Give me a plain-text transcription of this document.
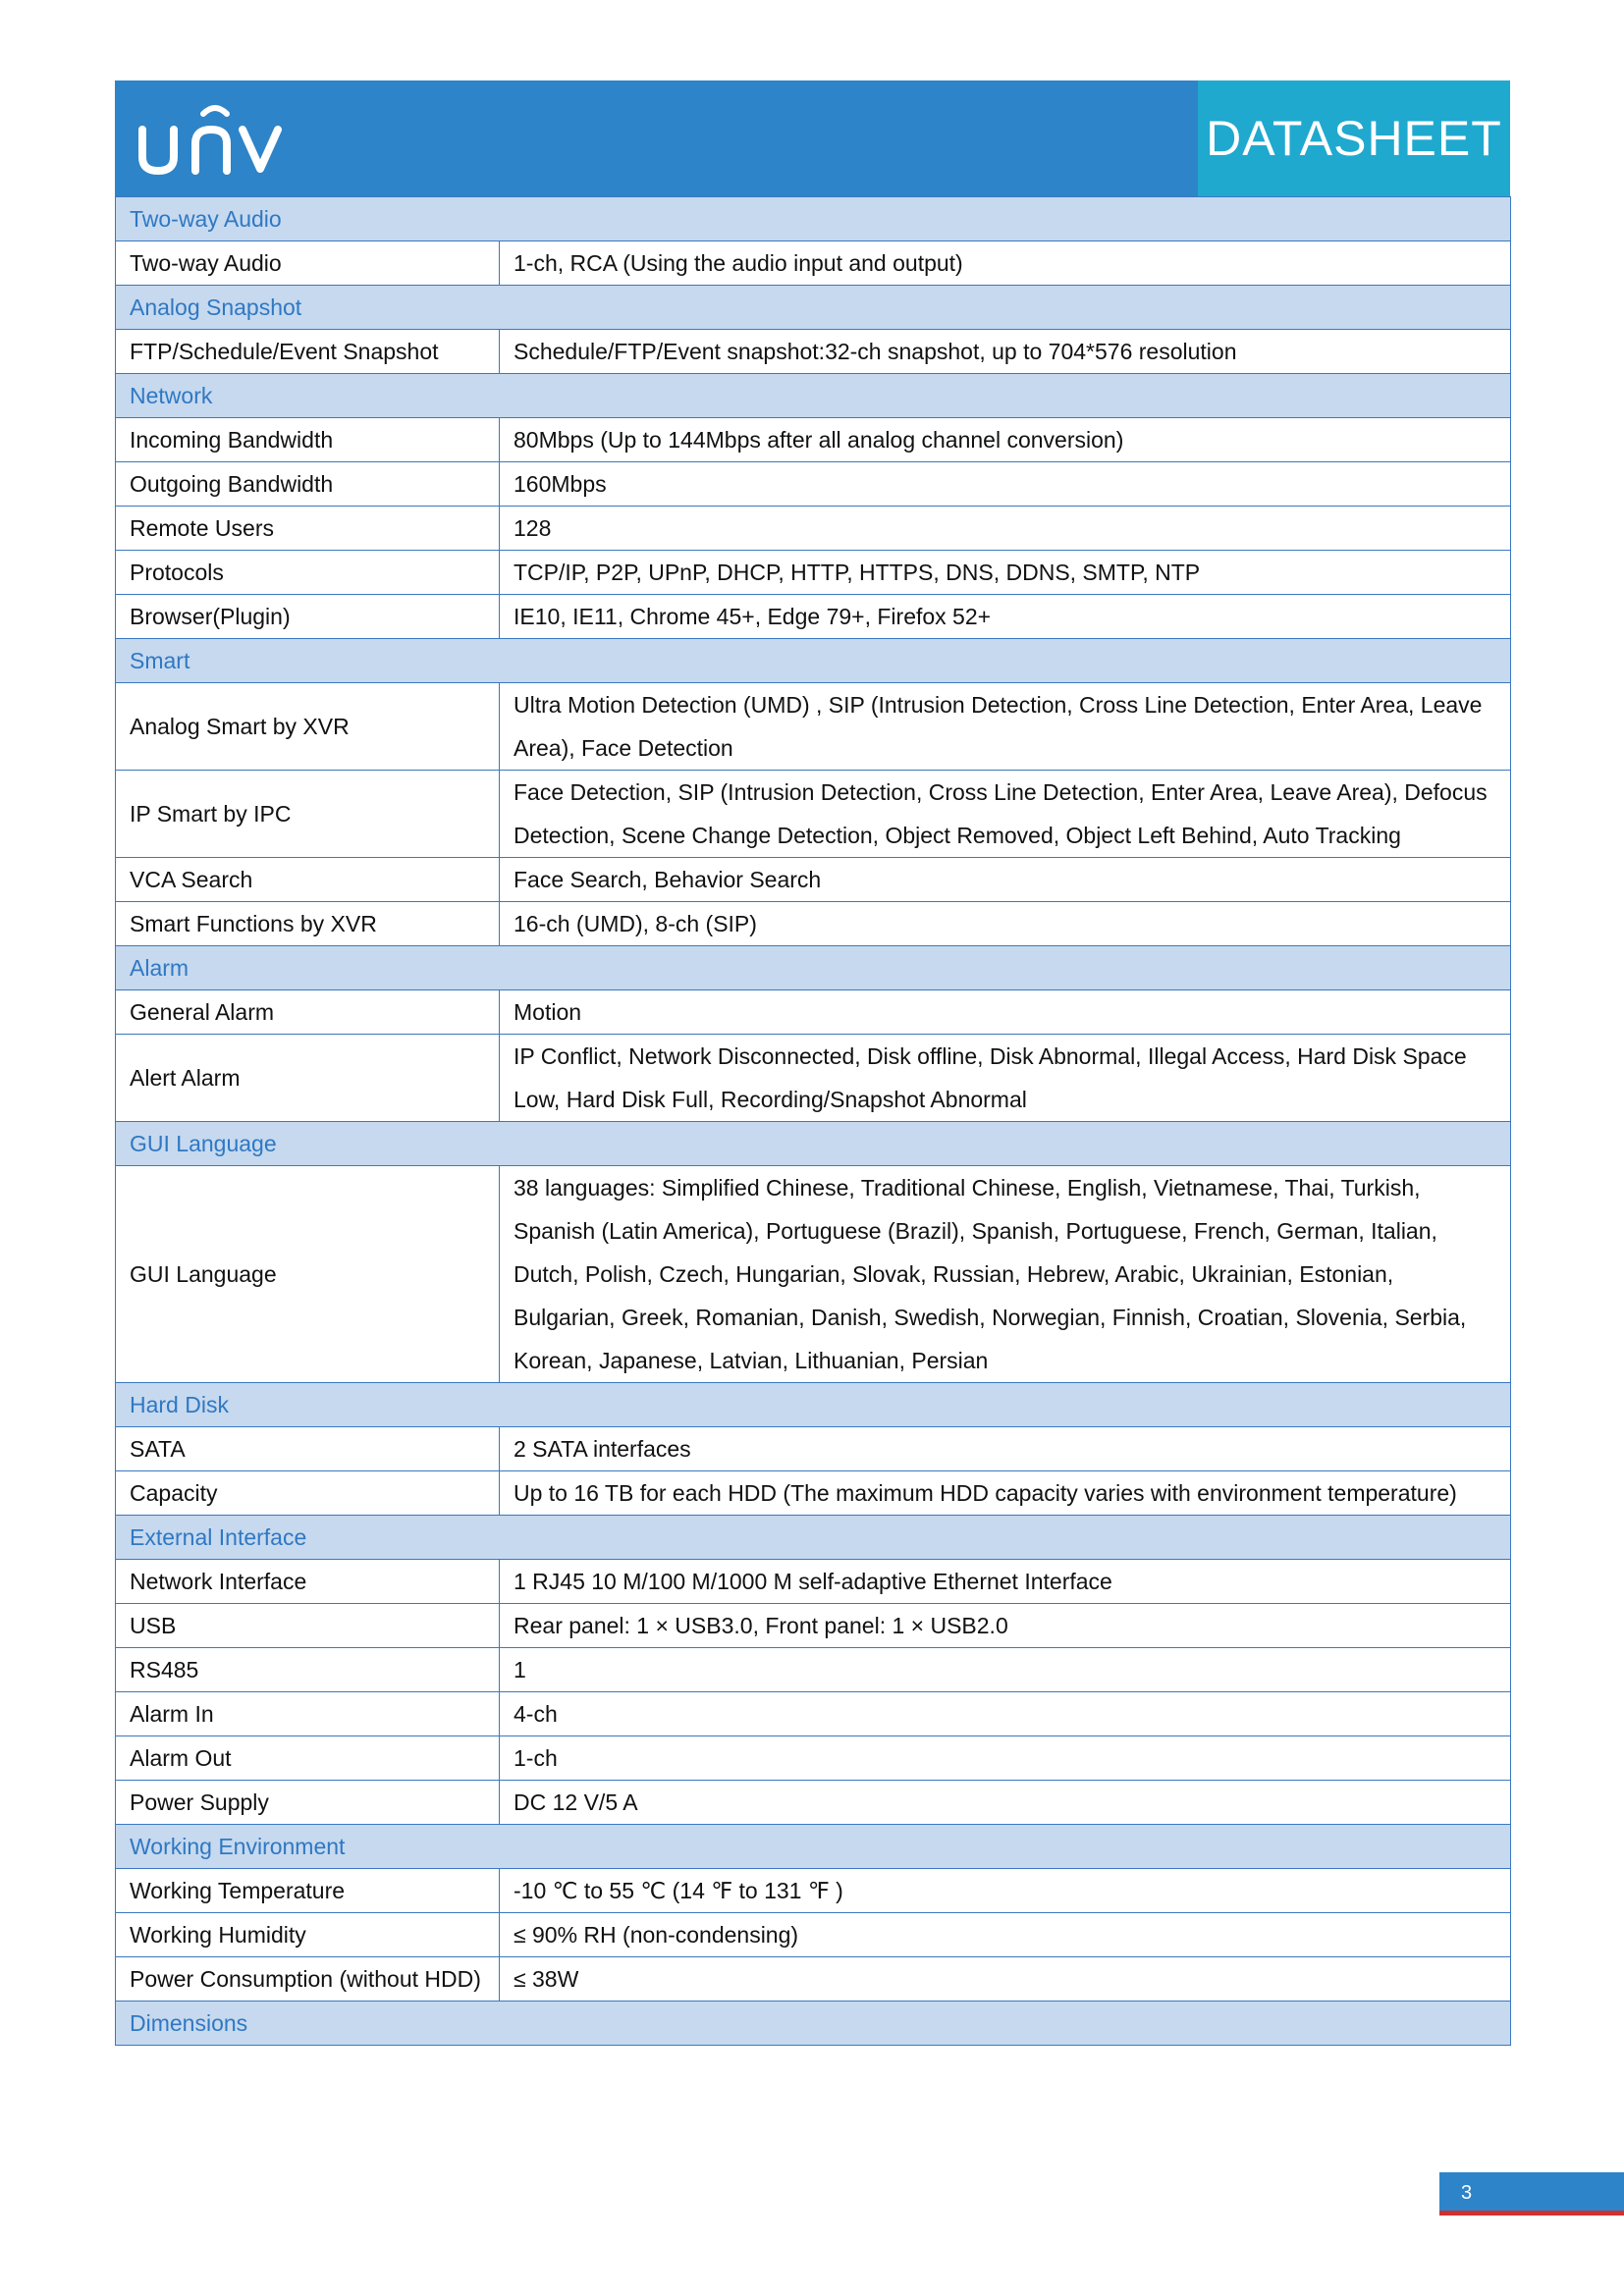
DATASHEET
Two-way Audio	
Two-way Audio	1-ch, RCA (Using the audio input and output)
Analog Snapshot	
FTP/Schedule/Event Snapshot	Schedule/FTP/Event snapshot:32-ch snapshot, up to 704*576 resolution
Network	
Incoming Bandwidth	80Mbps (Up to 144Mbps after all analog channel conversion)
Outgoing Bandwidth	160Mbps
Remote Users	128
Protocols	TCP/IP, P2P, UPnP, DHCP, HTTP, HTTPS, DNS, DDNS, SMTP, NTP
Browser(Plugin)	IE10, IE11, Chrome 45+, Edge 79+, Firefox 52+
Smart	
Analog Smart by XVR	Ultra Motion Detection (UMD) , SIP (Intrusion Detection, Cross Line Detection, Enter Area, Leave Area), Face Detection
IP Smart by IPC	Face Detection, SIP (Intrusion Detection, Cross Line Detection, Enter Area, Leave Area), Defocus Detection, Scene Change Detection, Object Removed, Object Left Behind, Auto Tracking
VCA Search	Face Search, Behavior Search
Smart Functions by XVR	16-ch (UMD), 8-ch (SIP)
Alarm	
General Alarm	Motion
Alert Alarm	IP Conflict, Network Disconnected, Disk offline, Disk Abnormal, Illegal Access, Hard Disk Space Low, Hard Disk Full, Recording/Snapshot Abnormal
GUI Language	
GUI Language	38 languages: Simplified Chinese, Traditional Chinese, English, Vietnamese, Thai, Turkish, Spanish (Latin America), Portuguese (Brazil), Spanish, Portuguese, French, German, Italian, Dutch, Polish, Czech, Hungarian, Slovak, Russian, Hebrew, Arabic, Ukrainian, Estonian, Bulgarian, Greek, Romanian, Danish, Swedish, Norwegian, Finnish, Croatian, Slovenia, Serbia, Korean, Japanese, Latvian, Lithuanian, Persian
Hard Disk	
SATA	2 SATA interfaces
Capacity	Up to 16 TB for each HDD (The maximum HDD capacity varies with environment temperature)
External Interface	
Network Interface	1 RJ45 10 M/100 M/1000 M self-adaptive Ethernet Interface
USB	Rear panel: 1 × USB3.0, Front panel: 1 × USB2.0
RS485	1
Alarm In	4-ch
Alarm Out	1-ch
Power Supply	DC 12 V/5 A
Working Environment	
Working Temperature	-10 ℃ to 55 ℃ (14 ℉ to 131 ℉ )
Working Humidity	≤ 90% RH (non-condensing)
Power Consumption (without HDD)	≤ 38W
Dimensions	
3
